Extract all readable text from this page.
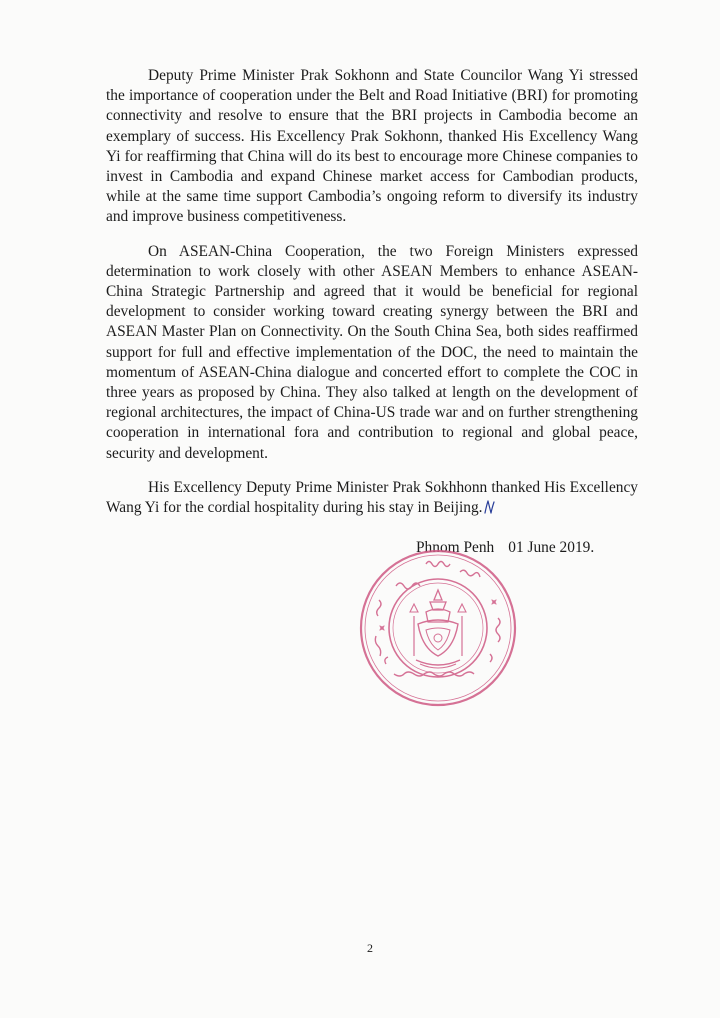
Deputy Prime Minister Prak Sokhonn and State Councilor Wang Yi stressed the importance of cooperation under the Belt and Road Initiative (BRI) for promoting connectivity and resolve to ensure that the BRI projects in Cambodia become an exemplary of success. His Excellency Prak Sokhonn, thanked His Excellency Wang Yi for reaffirming that China will do its best to encourage more Chinese companies to invest in Cambodia and expand Chinese market access for Cambodian products, while at the same time support Cambodia’s ongoing reform to diversify its industry and improve business competitiveness.

On ASEAN-China Cooperation, the two Foreign Ministers expressed determination to work closely with other ASEAN Members to enhance ASEAN-China Strategic Partnership and agreed that it would be beneficial for regional development to consider working toward creating synergy between the BRI and ASEAN Master Plan on Connectivity. On the South China Sea, both sides reaffirmed support for full and effective implementation of the DOC, the need to maintain the momentum of ASEAN-China dialogue and concerted effort to complete the COC in three years as proposed by China. They also talked at length on the development of regional architectures, the impact of China-US trade war and on further strengthening cooperation in international fora and contribution to regional and global peace, security and development.

His Excellency Deputy Prime Minister Prak Sokhhonn thanked His Excellency Wang Yi for the cordial hospitality during his stay in Beijing.

Phnom Penh 01 June 2019.
2
